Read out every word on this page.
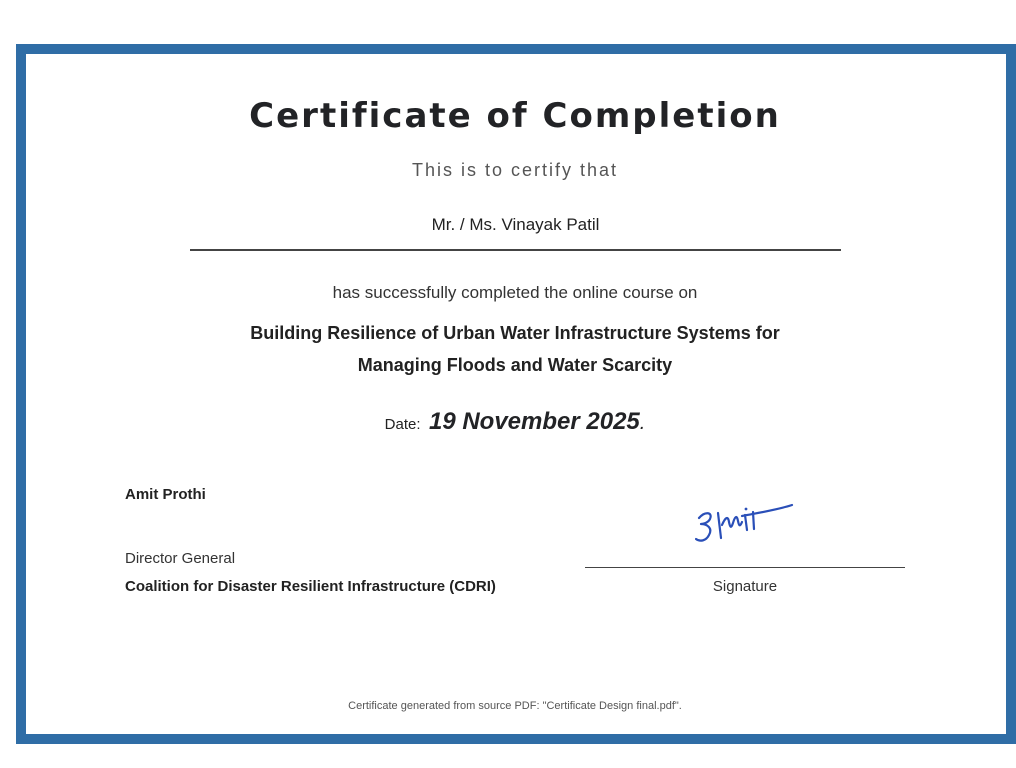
Certificate of Completion
This is to certify that
Mr. / Ms. Vinayak Patil
has successfully completed the online course on
Building Resilience of Urban Water Infrastructure Systems for Managing Floods and Water Scarcity
Date: 19 November 2025.
Amit Prothi
Director General
Coalition for Disaster Resilient Infrastructure (CDRI)	Signature
Certificate generated from source PDF: "Certificate Design final.pdf".
